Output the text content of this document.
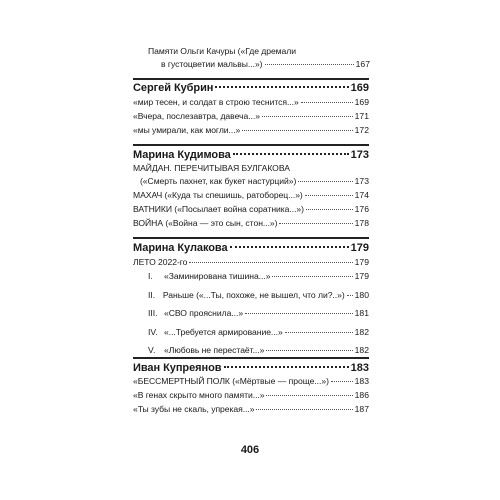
Памяти Ольги Качуры («Где дремали
в густоцветии мальвы...»)	167
Сергей Кубрин	169
«мир тесен, и солдат в строю теснится...»	169
«Вчера, послезавтра, давеча...»	171
«мы умирали, как могли...»	172
Марина Кудимова	173
МАЙДАН. ПЕРЕЧИТЫВАЯ БУЛГАКОВА
(«Смерть пахнет, как букет настурций»)	173
МАХАЧ («Куда ты спешишь, ратоборец...»)	174
ВАТНИКИ («Посылает война соратника...»)	176
ВОЙНА («Война — это сын, стон...»)	178
Марина Кулакова	179
ЛЕТО 2022-го	179
I.	«Заминирована тишина...»	179
II. Раньше («...Ты, похоже, не вышел, что ли?..») 180
III. «СВО прояснила...»	181
IV. «...Требуется армирование...»	182
V.	«Любовь не перестаёт...»	182
Иван Купреянов	183
«БЕССМЕРТНЫЙ ПОЛК («Мёртвые — проще...»)	183
«В генах скрыто много памяти...»	186
«Ты зубы не скаль, упрекая...»	187
406
